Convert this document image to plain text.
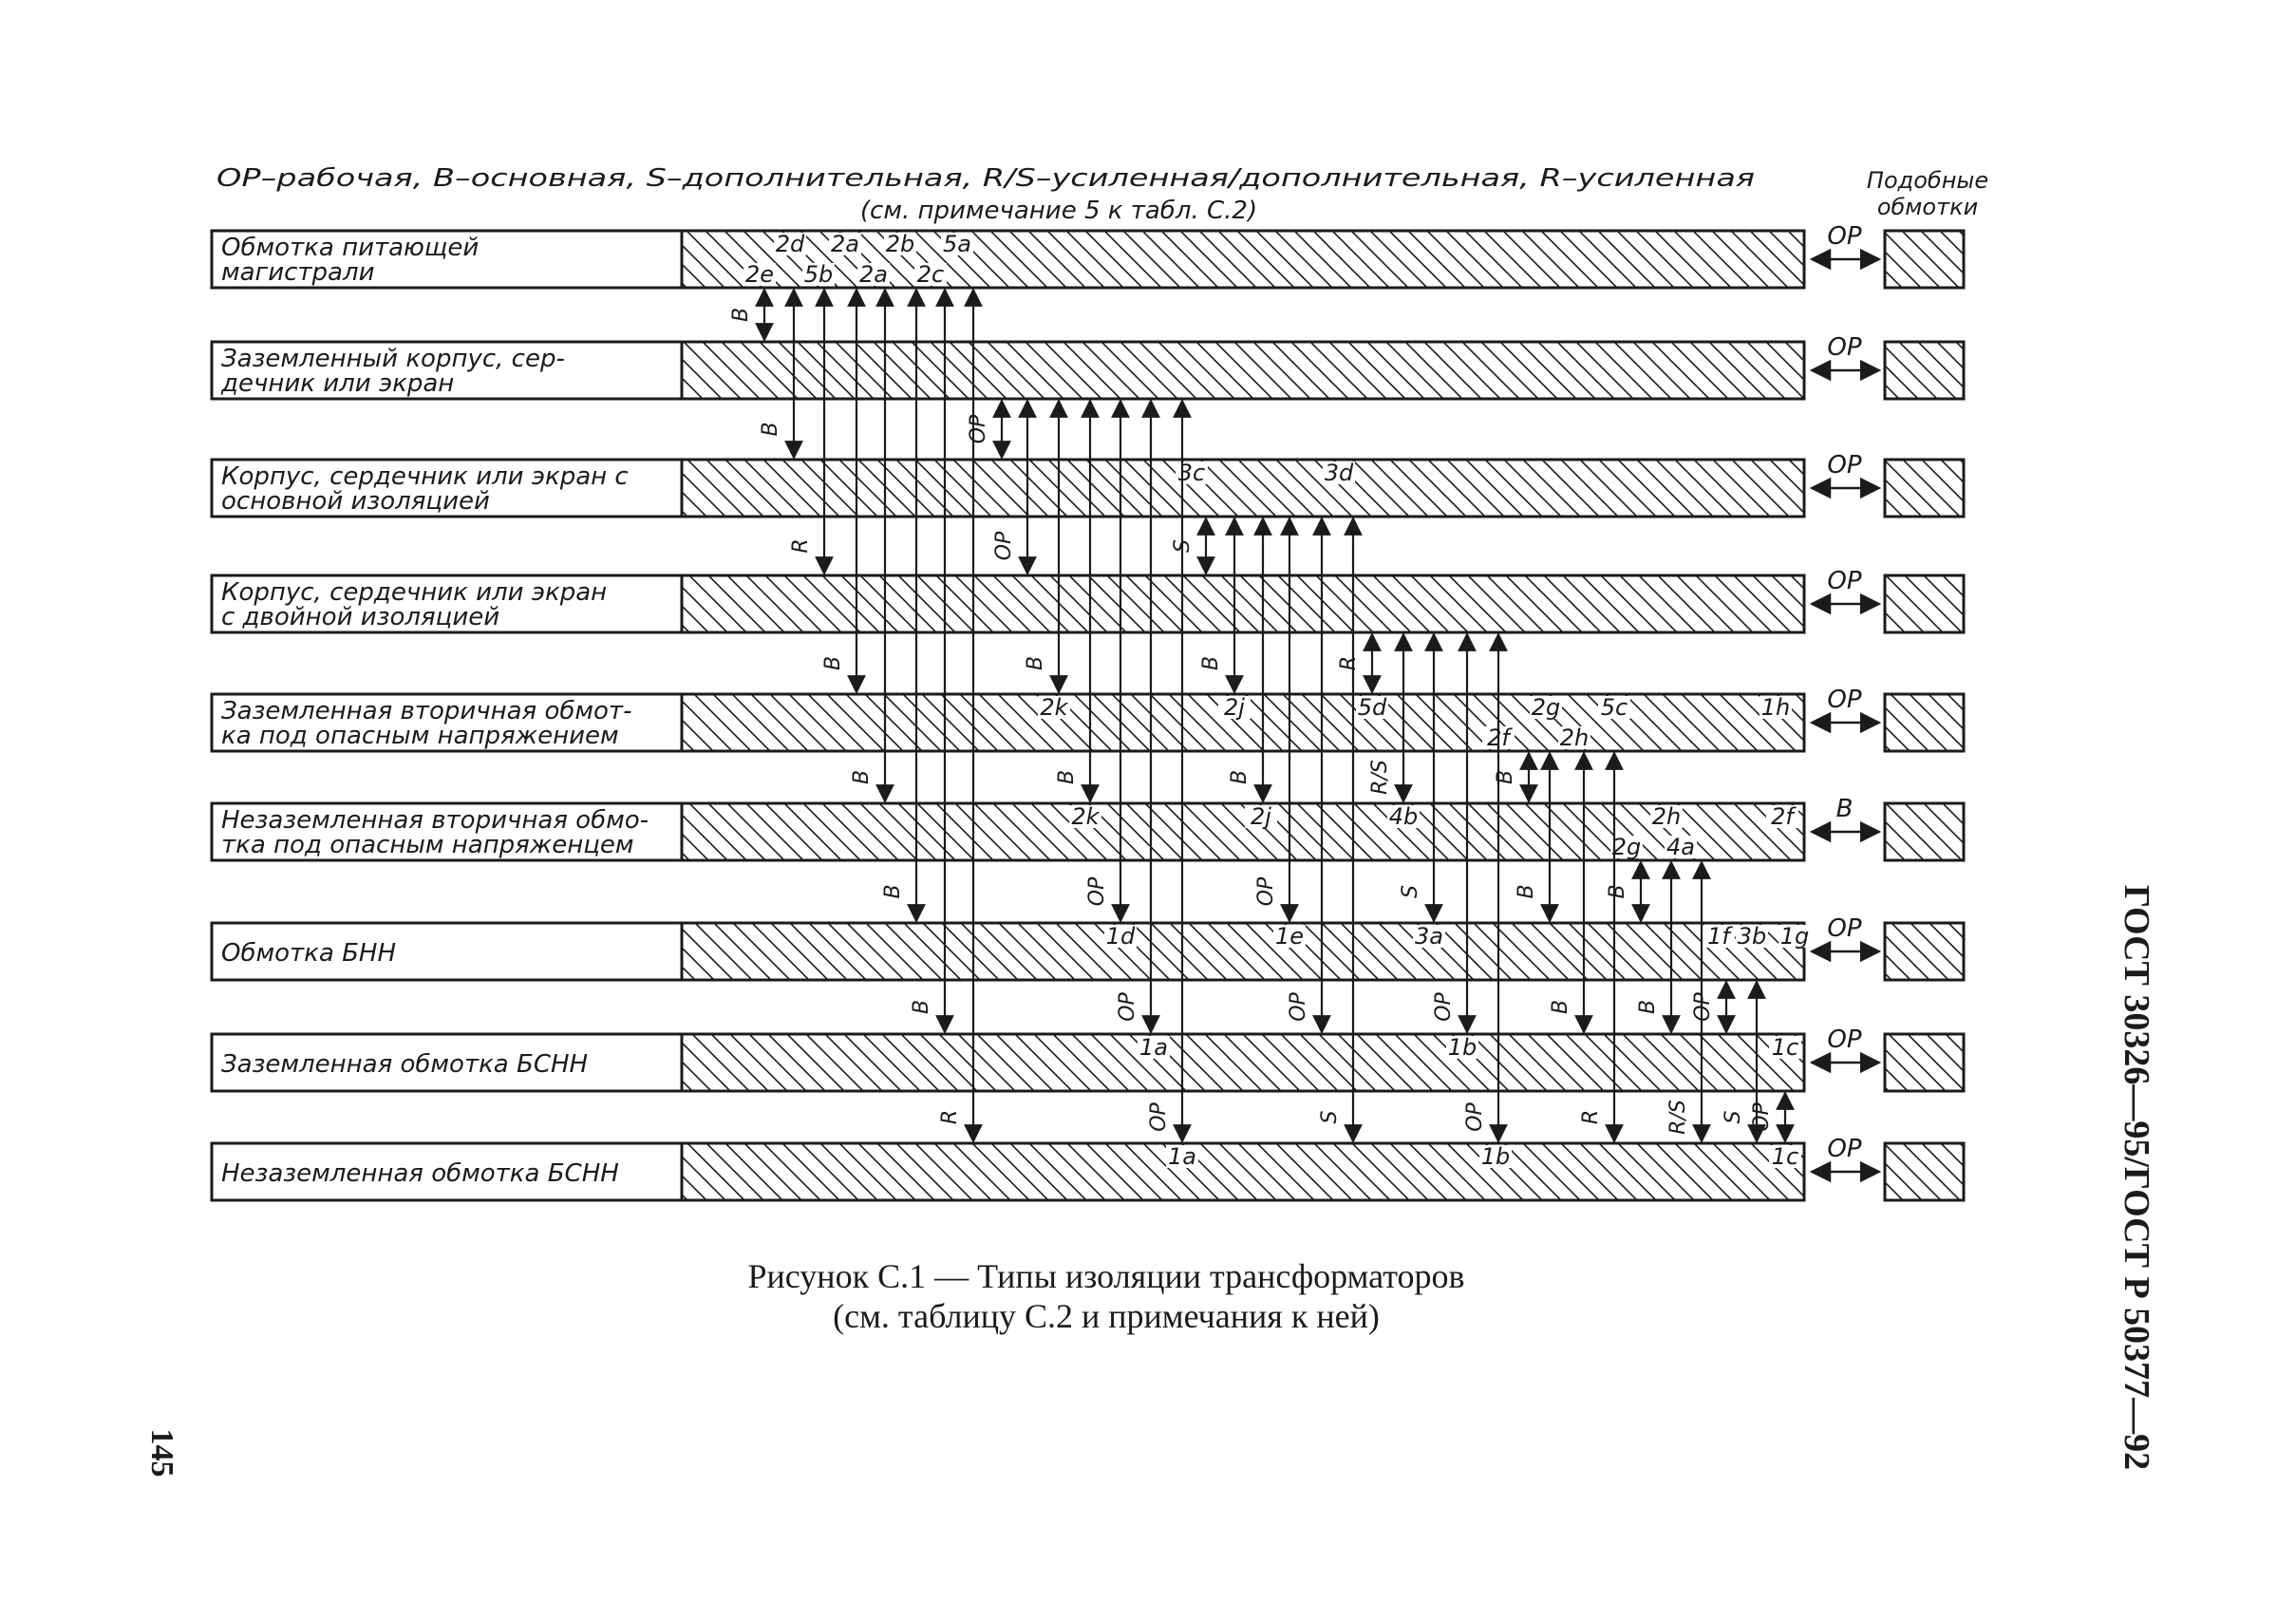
OP–рабочая, B–основная, S–дополнительная, R/S–усиленная/дополнительная, R–усиленная
(см. примечание 5 к табл. C.2)
Подобные
обмотки
Обмотка питающей
магистрали
2d 2a 2b 5a
2e 5b 2a 2c
OP
Заземленный корпус, сер-
дечник или экран
OP
Корпус, сердечник или экран с
основной изоляцией
3c	3d	OP
Корпус, сердечник или экран
с двойной изоляцией
OP
Заземленная вторичная обмот-
ка под опасным напряжением
2k	2j	5d	2g 5c	1h
2f 2h
OP
Незаземленная вторичная обмо-
тка под опасным напряженцем
2k	2j	4b	2h	2f
2g 4a
B
Обмотка БНН
1d	1e	3a	1f 3b 1g OP
Заземленная обмотка БСНН
1a	1b	1c OP
Незаземленная обмотка БСНН
1a	1b	1c OP
B
B	OP
R	OP	S
B	B	B	R
B	B	B	R/S	B
B	OP	OP	S	B	B
B	OP	OP	OP	B	B OP
R	OP	S	OP	R	R/S S OP
Рисунок С.1 — Типы изоляции трансформаторов
(см. таблицу С.2 и примечания к ней)
145	ГОСТ 30326—95/ГОСТ Р 50377—92
